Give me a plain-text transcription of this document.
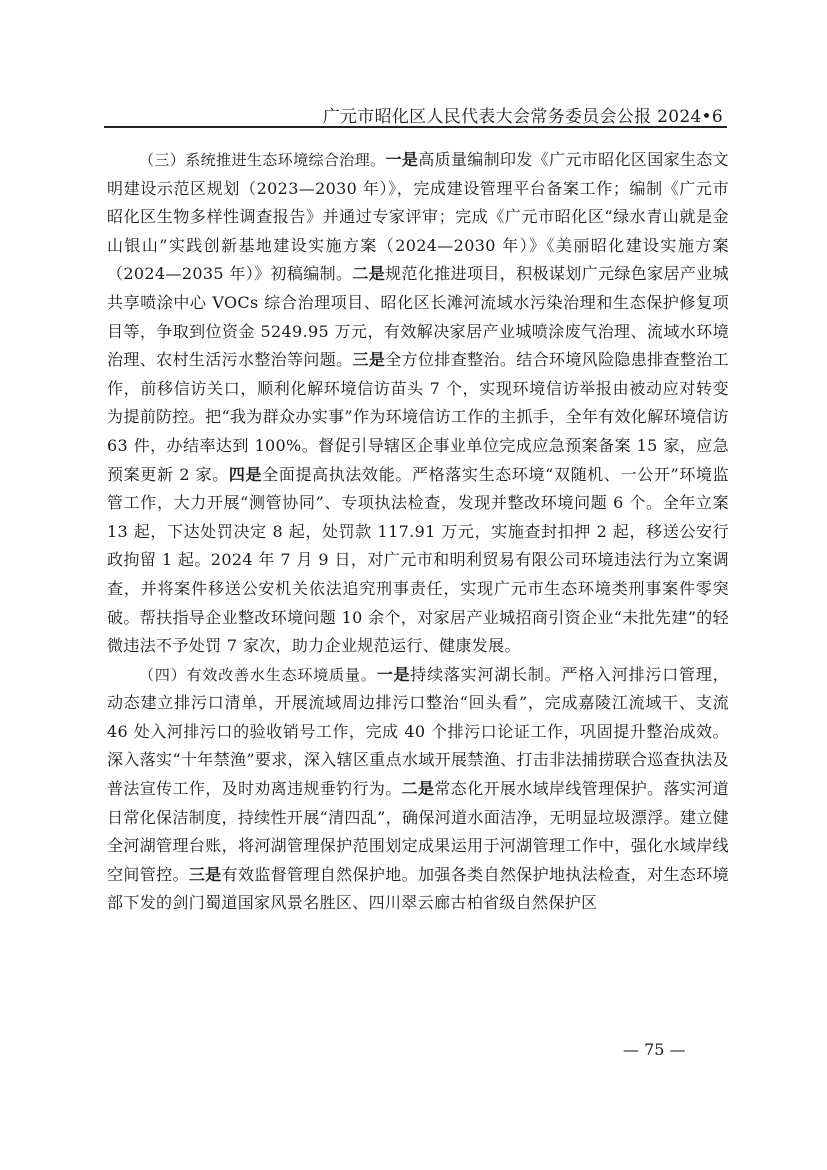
广元市昭化区人民代表大会常务委员会公报 2024•6

（三）系统推进生态环境综合治理。一是高质量编制印发《广元市昭化区国家生态文明建设示范区规划（2023—2030 年）》，完成建设管理平台备案工作；编制《广元市昭化区生物多样性调查报告》并通过专家评审；完成《广元市昭化区“绿水青山就是金山银山”实践创新基地建设实施方案（2024—2030 年）》《美丽昭化建设实施方案（2024—2035 年）》初稿编制。二是规范化推进项目，积极谋划广元绿色家居产业城共享喷涂中心 VOCs 综合治理项目、昭化区长滩河流域水污染治理和生态保护修复项目等，争取到位资金 5249.95 万元，有效解决家居产业城喷涂废气治理、流域水环境治理、农村生活污水整治等问题。三是全方位排查整治。结合环境风险隐患排查整治工作，前移信访关口，顺利化解环境信访苗头 7 个，实现环境信访举报由被动应对转变为提前防控。把“我为群众办实事”作为环境信访工作的主抓手，全年有效化解环境信访 63 件，办结率达到 100%。督促引导辖区企事业单位完成应急预案备案 15 家，应急预案更新 2 家。四是全面提高执法效能。严格落实生态环境“双随机、一公开”环境监管工作，大力开展“测管协同”、专项执法检查，发现并整改环境问题 6 个。全年立案 13 起，下达处罚决定 8 起，处罚款 117.91 万元，实施查封扣押 2 起，移送公安行政拘留 1 起。2024 年 7 月 9 日，对广元市和明利贸易有限公司环境违法行为立案调查，并将案件移送公安机关依法追究刑事责任，实现广元市生态环境类刑事案件零突破。帮扶指导企业整改环境问题 10 余个，对家居产业城招商引资企业“未批先建”的轻微违法不予处罚 7 家次，助力企业规范运行、健康发展。

（四）有效改善水生态环境质量。一是持续落实河湖长制。严格入河排污口管理，动态建立排污口清单，开展流域周边排污口整治“回头看”，完成嘉陵江流域干、支流 46 处入河排污口的验收销号工作，完成 40 个排污口论证工作，巩固提升整治成效。深入落实“十年禁渔”要求，深入辖区重点水域开展禁渔、打击非法捕捞联合巡查执法及普法宣传工作，及时劝离违规垂钓行为。二是常态化开展水域岸线管理保护。落实河道日常化保洁制度，持续性开展“清四乱”，确保河道水面洁净，无明显垃圾漂浮。建立健全河湖管理台账，将河湖管理保护范围划定成果运用于河湖管理工作中，强化水域岸线空间管控。三是有效监督管理自然保护地。加强各类自然保护地执法检查，对生态环境部下发的剑门蜀道国家风景名胜区、四川翠云廊古柏省级自然保护区

— 75 —
